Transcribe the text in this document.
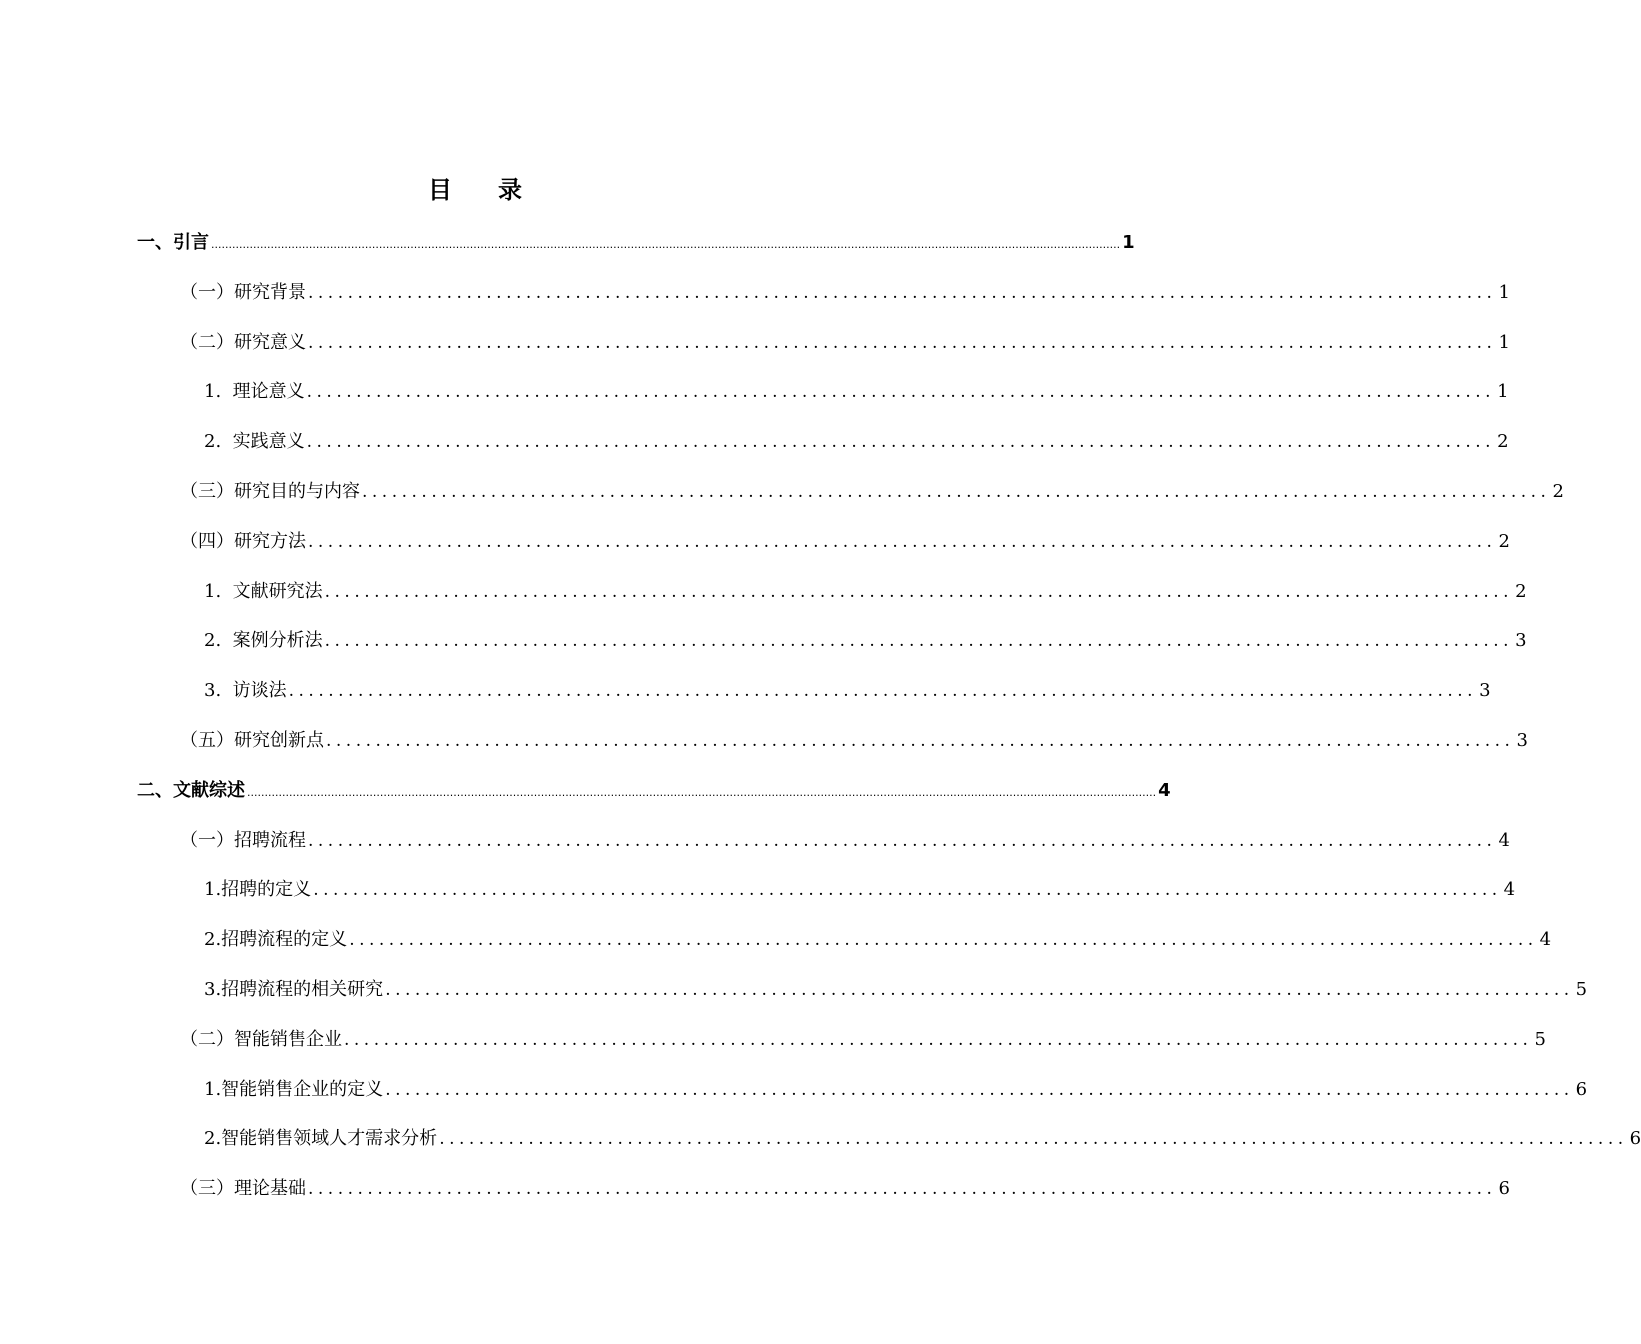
目 录
一、引言 .................................................................................................................................................................................................................................................................... 1
（一）研究背景 ........................................................................................................................ 1
（二）研究意义 ........................................................................................................................ 1
1.  理论意义 ........................................................................................................................ 1
2.  实践意义 ........................................................................................................................ 2
（三）研究目的与内容 ........................................................................................................................ 2
（四）研究方法 ........................................................................................................................ 2
1.  文献研究法 ........................................................................................................................ 2
2.  案例分析法 ........................................................................................................................ 3
3.  访谈法 ........................................................................................................................ 3
（五）研究创新点 ........................................................................................................................ 3
二、文献综述 .................................................................................................................................................................................................................................................................... 4
（一）招聘流程 ........................................................................................................................ 4
1.招聘的定义 ........................................................................................................................ 4
2.招聘流程的定义 ........................................................................................................................ 4
3.招聘流程的相关研究 ........................................................................................................................ 5
（二）智能销售企业 ........................................................................................................................ 5
1.智能销售企业的定义 ........................................................................................................................ 6
2.智能销售领域人才需求分析 ........................................................................................................................ 6
（三）理论基础 ........................................................................................................................ 6
